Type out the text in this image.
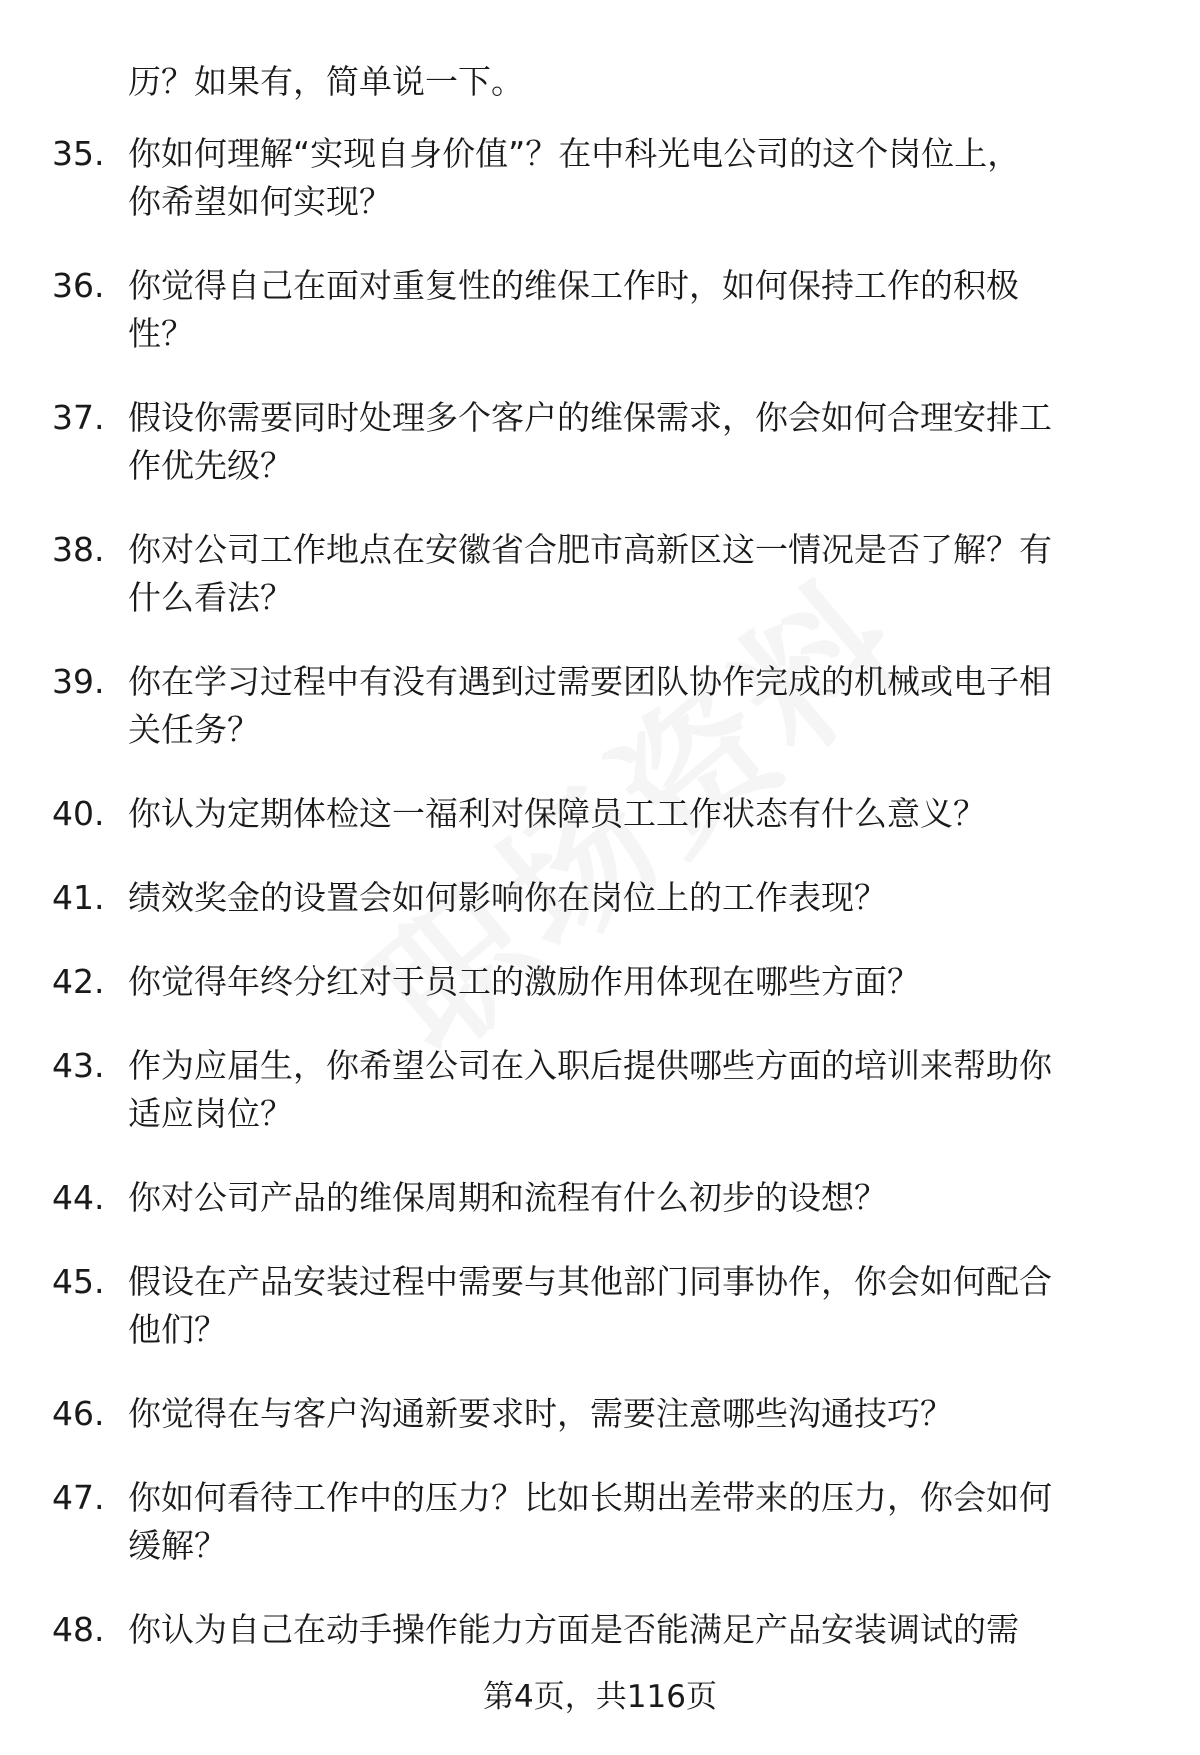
历？如果有，简单说一下。
35. 你如何理解“实现自身价值”？在中科光电公司的这个岗位上，
你希望如何实现？
36. 你觉得自己在面对重复性的维保工作时，如何保持工作的积极
性？
37. 假设你需要同时处理多个客户的维保需求，你会如何合理安排工
作优先级？
38. 你对公司工作地点在安徽省合肥市高新区这一情况是否了解？有
什么看法？
39. 你在学习过程中有没有遇到过需要团队协作完成的机械或电子相
关任务？
40. 你认为定期体检这一福利对保障员工工作状态有什么意义？
41. 绩效奖金的设置会如何影响你在岗位上的工作表现？
42. 你觉得年终分红对于员工的激励作用体现在哪些方面？
43. 作为应届生，你希望公司在入职后提供哪些方面的培训来帮助你
适应岗位？
44. 你对公司产品的维保周期和流程有什么初步的设想？
45. 假设在产品安装过程中需要与其他部门同事协作，你会如何配合
他们？
46. 你觉得在与客户沟通新要求时，需要注意哪些沟通技巧？
47. 你如何看待工作中的压力？比如长期出差带来的压力，你会如何
缓解？
48. 你认为自己在动手操作能力方面是否能满足产品安装调试的需
第4页，共116页
